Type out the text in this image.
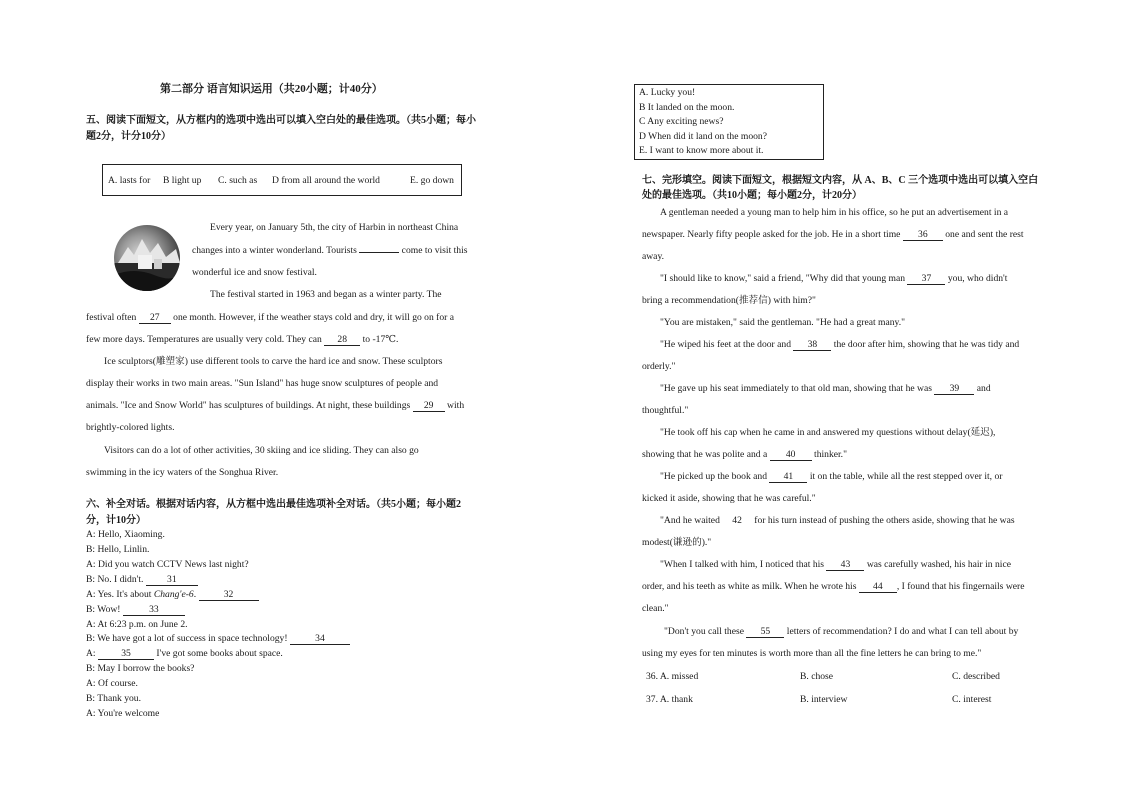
第二部分 语言知识运用（共20小题；计40分）
五、阅读下面短文，从方框内的选项中选出可以填入空白处的最佳选项。（共5小题；每小
题2分，计分10分）
A. lasts for B light up C. such as D from all around the world	E. go down
Every year, on January 5th, the city of Harbin in northeast China
changes into a winter wonderland. Tourists	come to visit this
wonderful ice and snow festival.
The festival started in 1963 and began as a winter party. The
festival often 27 one month. However, if the weather stays cold and dry, it will go on for a
few more days. Temperatures are usually very cold. They can 28 to -17℃.
Ice sculptors(雕塑家) use different tools to carve the hard ice and snow. These sculptors
display their works in two main areas. "Sun Island" has huge snow sculptures of people and
animals. "Ice and Snow World" has sculptures of buildings. At night, these buildings 29 with
brightly-colored lights.
Visitors can do a lot of other activities, 30 skiing and ice sliding. They can also go
swimming in the icy waters of the Songhua River.
六、补全对话。根据对话内容，从方框中选出最佳选项补全对话。（共5小题；每小题2
分，计10分）
A: Hello, Xiaoming.
B: Hello, Linlin.
A: Did you watch CCTV News last night?
B: No. I didn't. 31
A: Yes. It's about Chang'e-6.	32
B: Wow!	33
A: At 6:23 p.m. on June 2.
B: We have got a lot of success in space technology!	34
A: 35 I've got some books about space.
B: May I borrow the books?
A: Of course.
B: Thank you.
A: You're welcome
A. Lucky you!
B It landed on the moon.
C Any exciting news?
D When did it land on the moon?
E. I want to know more about it.
七、完形填空。阅读下面短文，根据短文内容，从 A、B、C 三个选项中选出可以填入空白
处的最佳选项。（共10小题；每小题2分，计20分）
A gentleman needed a young man to help him in his office, so he put an advertisement in a
newspaper. Nearly fifty people asked for the job. He in a short time 36 one and sent the rest
away.
"I should like to know," said a friend, "Why did that young man 37 you, who didn't
bring a recommendation(推荐信) with him?"
"You are mistaken," said the gentleman. "He had a great many."
"He wiped his feet at the door and 38 the door after him, showing that he was tidy and
orderly."
"He gave up his seat immediately to that old man, showing that he was 39 and
thoughtful."
"He took off his cap when he came in and answered my questions without delay(延迟),
showing that he was polite and a 40 thinker."
"He picked up the book and 41 it on the table, while all the rest stepped over it, or
kicked it aside, showing that he was careful."
"And he waited 42 for his turn instead of pushing the others aside, showing that he was
modest(谦逊的)."
"When I talked with him, I noticed that his 43 was carefully washed, his hair in nice
order, and his teeth as white as milk. When he wrote his 44 , I found that his fingernails were
clean."
"Don't you call these 55 letters of recommendation? I do and what I can tell about by
using my eyes for ten minutes is worth more than all the fine letters he can bring to me."
36. A. missed	B. chose	C. described
37. A. thank	B. interview	C. interest
